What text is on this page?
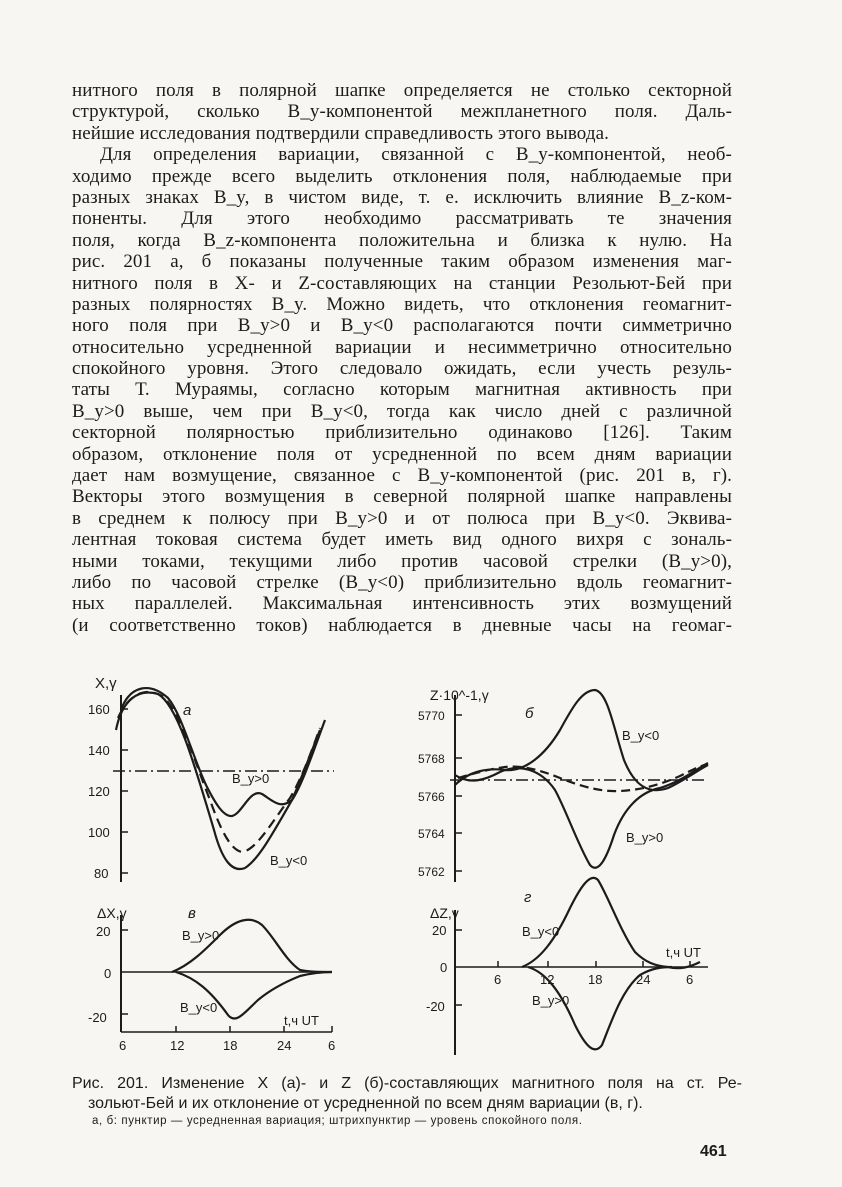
нитного поля в полярной шапке определяется не столько секторной
структурой, сколько B_y-компонентой межпланетного поля. Даль-
нейшие исследования подтвердили справедливость этого вывода.
Для определения вариации, связанной с B_y-компонентой, необ-
ходимо прежде всего выделить отклонения поля, наблюдаемые при
разных знаках B_y, в чистом виде, т. е. исключить влияние B_z-ком-
поненты. Для этого необходимо рассматривать те значения
поля, когда B_z-компонента положительна и близка к нулю. На
рис. 201 а, б показаны полученные таким образом изменения маг-
нитного поля в X- и Z-составляющих на станции Резольют-Бей при
разных полярностях B_y. Можно видеть, что отклонения геомагнит-
ного поля при B_y>0 и B_y<0 располагаются почти симметрично
относительно усредненной вариации и несимметрично относительно
спокойного уровня. Этого следовало ожидать, если учесть резуль-
таты Т. Мураямы, согласно которым магнитная активность при
B_y>0 выше, чем при B_y<0, тогда как число дней с различной
секторной полярностью приблизительно одинаково [126]. Таким
образом, отклонение поля от усредненной по всем дням вариации
дает нам возмущение, связанное с B_y-компонентой (рис. 201 в, г).
Векторы этого возмущения в северной полярной шапке направлены
в среднем к полюсу при B_y>0 и от полюса при B_y<0. Эквива-
лентная токовая система будет иметь вид одного вихря с зональ-
ными токами, текущими либо против часовой стрелки (B_y>0),
либо по часовой стрелке (B_y<0) приблизительно вдоль геомагнит-
ных параллелей. Максимальная интенсивность этих возмущений
(и соответственно токов) наблюдается в дневные часы на геомаг-
X,γ
160
140
120
100
80
а
B_y>0
B_y<0
ΔX,γ
20
0
-20
в
B_y>0
B_y<0
t,ч UT
6	12	18	24	6
Z·10^-1,γ
5770
5768
5766
5764
5762
б
B_y<0
B_y>0
ΔZ,γ
20
0
-20
г
B_y<0
B_y>0
t,ч UT
6	12	18	24	6
Рис. 201. Изменение X (а)- и Z (б)-составляющих магнитного поля на ст. Ре-
зольют-Бей и их отклонение от усредненной по всем дням вариации (в, г).
а, б: пунктир — усредненная вариация; штрихпунктир — уровень спокойного поля.
461
